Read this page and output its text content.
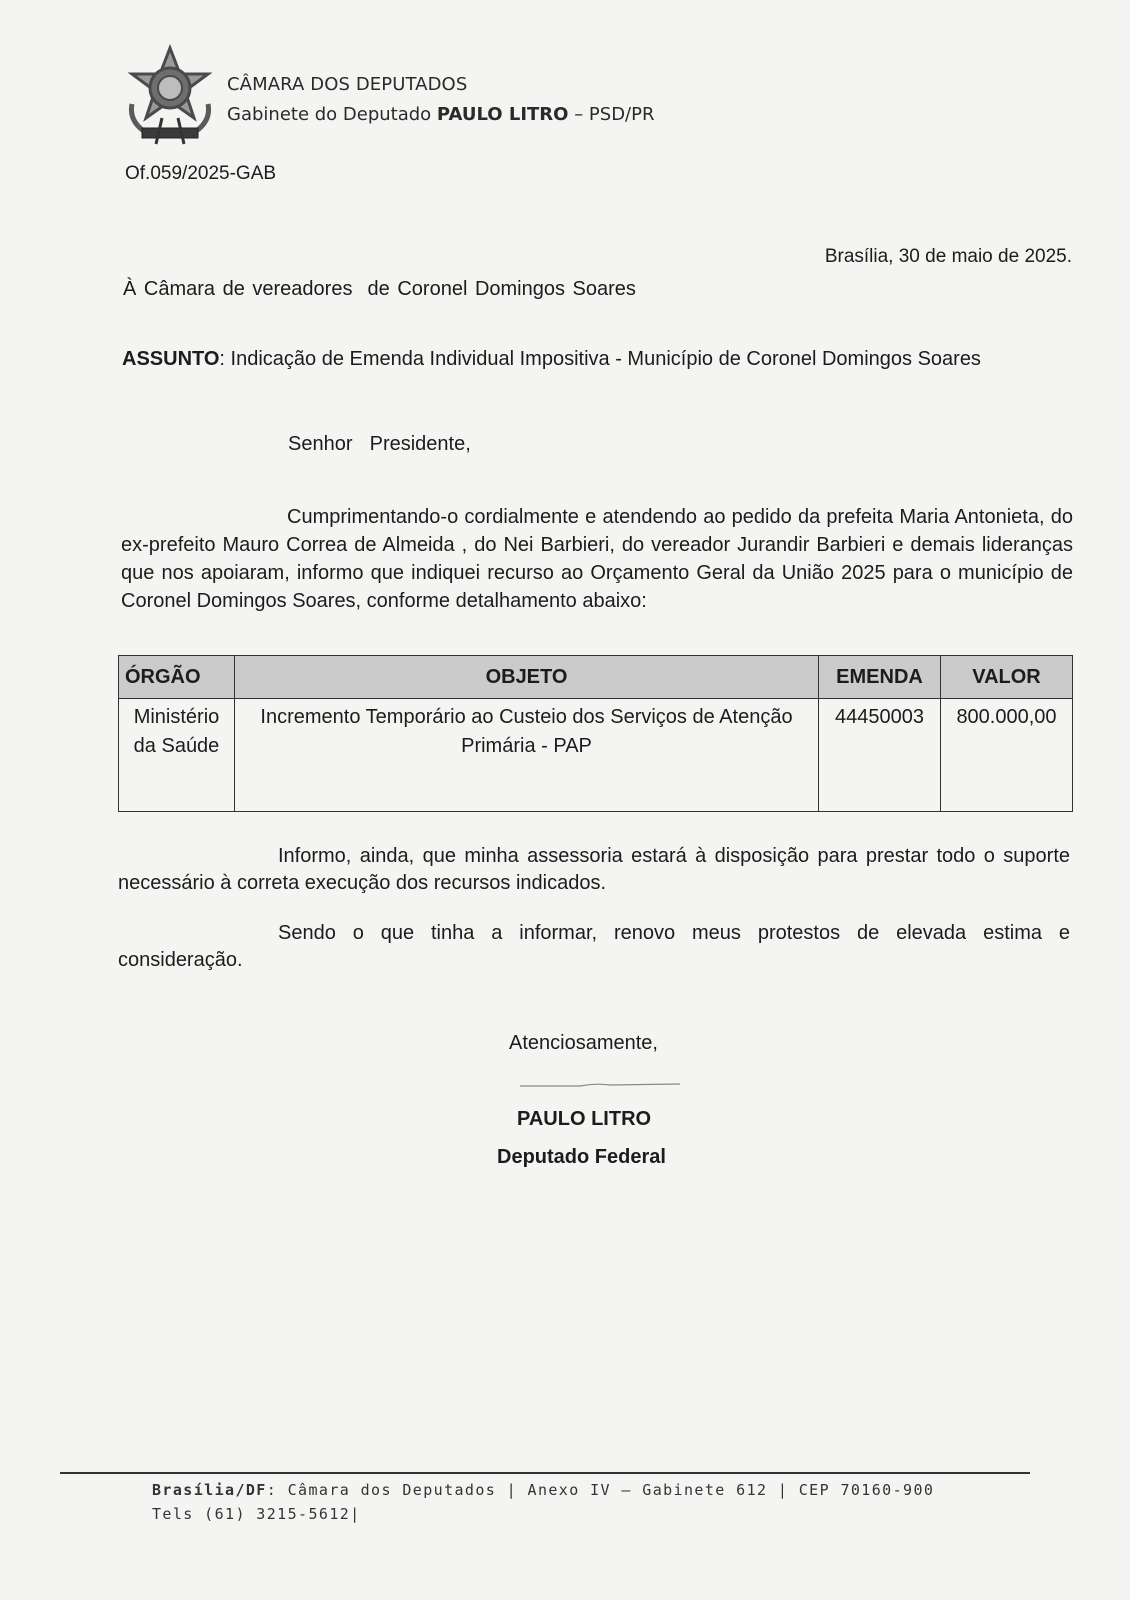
CÂMARA DOS DEPUTADOS
Gabinete do Deputado PAULO LITRO – PSD/PR
Of.059/2025-GAB
Brasília, 30 de maio de 2025.
À Câmara de vereadores  de Coronel Domingos Soares
ASSUNTO: Indicação de Emenda Individual Impositiva - Município de Coronel Domingos Soares
Senhor  Presidente,
Cumprimentando-o cordialmente e atendendo ao pedido da prefeita Maria Antonieta, do ex-prefeito Mauro Correa de Almeida , do Nei Barbieri, do vereador Jurandir Barbieri e demais lideranças que nos apoiaram, informo que indiquei recurso ao Orçamento Geral da União 2025 para o município de Coronel Domingos Soares, conforme detalhamento abaixo:
ÓRGÃO	OBJETO	EMENDA	VALOR
Ministério da Saúde	Incremento Temporário ao Custeio dos Serviços de Atenção Primária - PAP	44450003	800.000,00
Informo, ainda, que minha assessoria estará à disposição para prestar todo o suporte necessário à correta execução dos recursos indicados.
Sendo o que tinha a informar, renovo meus protestos de elevada estima e consideração.
Atenciosamente,
PAULO LITRO
Deputado Federal
Brasília/DF: Câmara dos Deputados | Anexo IV – Gabinete 612 | CEP 70160-900
Tels (61) 3215-5612|
